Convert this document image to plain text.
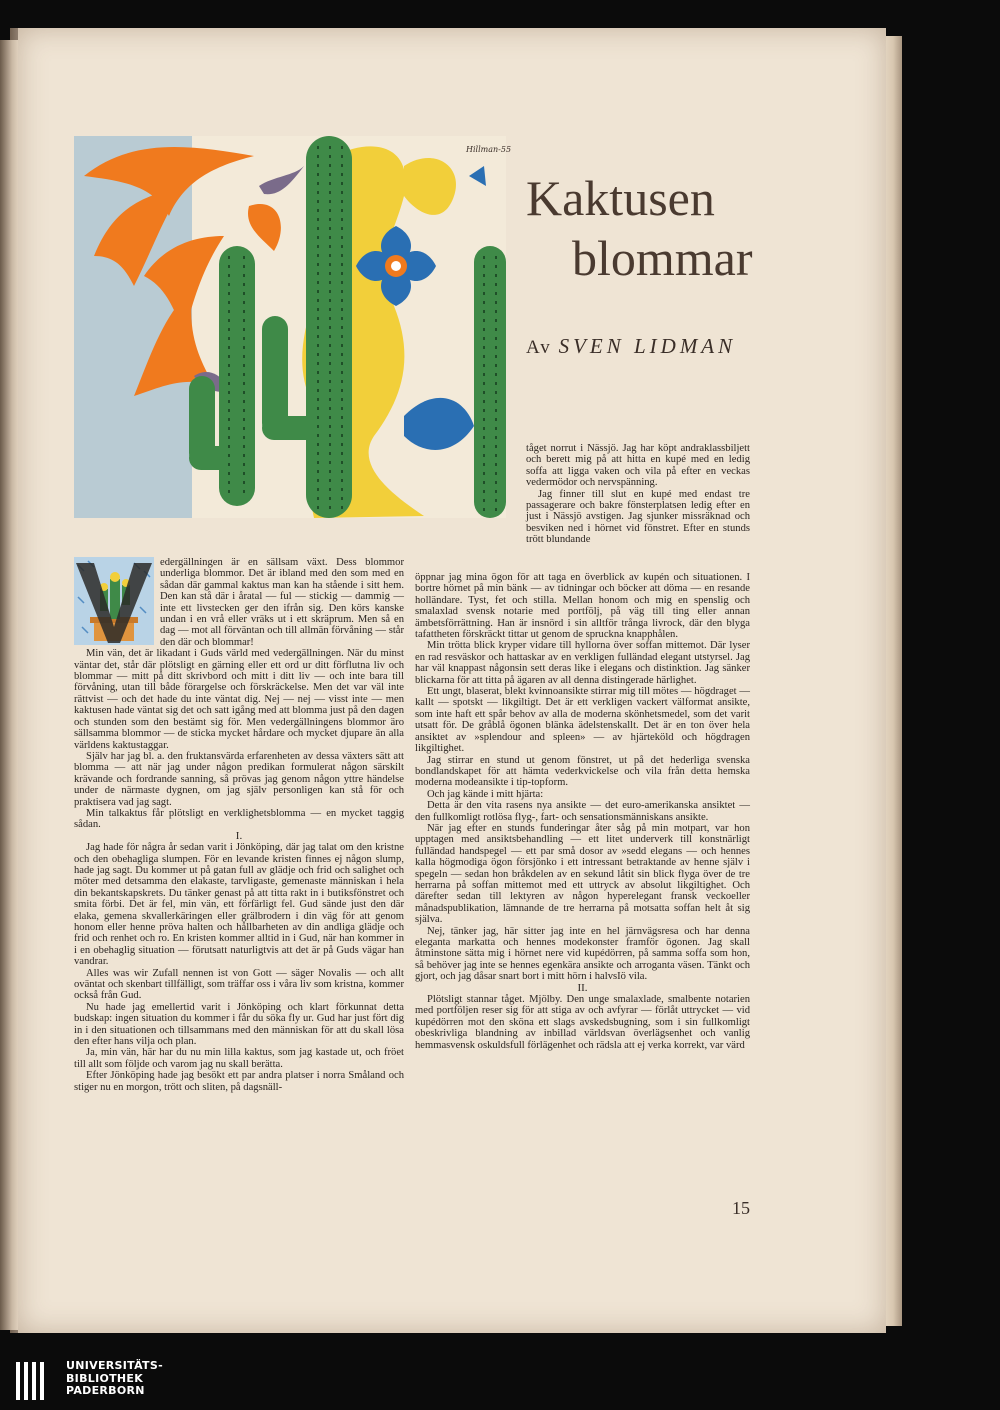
Hillman-55
Kaktusen
blommar
Av SVEN LIDMAN

tåget norrut i Nässjö. Jag har köpt andraklassbiljett och berett mig på att hitta en kupé med en ledig soffa att ligga vaken och vila på efter en veckas vedermödor och nervspänning.

Jag finner till slut en kupé med endast tre passagerare och bakre fönsterplatsen ledig efter en just i Nässjö avstigen. Jag sjunker missräknad och besviken ned i hörnet vid fönstret. Efter en stunds trött blundande

öppnar jag mina ögon för att taga en överblick av kupén och situationen. I bortre hörnet på min bänk — av tidningar och böcker att döma — en resande holländare. Tyst, fet och stilla. Mellan honom och mig en spenslig och smalaxlad svensk notarie med portfölj, på väg till ting eller annan ämbetsförrättning. Han är insnörd i sin alltför trånga livrock, där den blyga tafattheten förskräckt tittar ut genom de spruckna knapphålen.

Min trötta blick kryper vidare till hyllorna över soffan mittemot. Där lyser en rad resväskor och hattaskar av en verkligen fulländad elegant utstyrsel. Jag har väl knappast någonsin sett deras like i elegans och distinktion. Jag sänker blickarna för att titta på ägaren av all denna distingerade härlighet.

Ett ungt, blaserat, blekt kvinnoansikte stirrar mig till mötes — högdraget — kallt — spotskt — likgiltigt. Det är ett verkligen vackert välformat ansikte, som inte haft ett spår behov av alla de moderna skönhetsmedel, som det varit utsatt för. De gråblå ögonen blänka ädelstenskallt. Det är en ton över hela ansiktet av »splendour and spleen» — av hjärteköld och högdragen likgiltighet.

Jag stirrar en stund ut genom fönstret, ut på det hederliga svenska bondlandskapet för att hämta vederkvickelse och vila från detta hemska moderna modeansikte i tip-topform.

Och jag kände i mitt hjärta:

Detta är den vita rasens nya ansikte — det euro-amerikanska ansiktet — den fullkomligt rotlösa flyg-, fart- och sensationsmänniskans ansikte.

När jag efter en stunds funderingar åter såg på min motpart, var hon upptagen med ansiktsbehandling — ett litet underverk till konstnärligt fulländad handspegel — ett par små dosor av »sedd elegans — och hennes kalla högmodiga ögon försjönko i ett intressant betraktande av henne själv i spegeln — sedan hon bråkdelen av en sekund låtit sin blick flyga över de tre herrarna på soffan mittemot med ett uttryck av absolut likgiltighet. Och därefter sedan till lektyren av någon hyperelegant fransk veckoeller månadspublikation, lämnande de tre herrarna på motsatta soffan helt åt sig själva.

Nej, tänker jag, här sitter jag inte en hel järnvägsresa och har denna eleganta markatta och hennes modekonster framför ögonen. Jag skall åtminstone sätta mig i hörnet nere vid kupédörren, på samma soffa som hon, så behöver jag inte se hennes egenkära ansikte och arroganta väsen. Tänkt och gjort, och jag dåsar snart bort i mitt hörn i halvsIö vila.

II.

Plötsligt stannar tåget. Mjölby. Den unge smalaxlade, smalbente notarien med portföljen reser sig för att stiga av och avfyrar — förlåt uttrycket — vid kupédörren mot den sköna ett slags avskedsbugning, som i sin fullkomligt obeskrivliga blandning av inbillad världsvan överlägsenhet och vanlig hemmasvensk oskuldsfull förlägenhet och rädsla att ej verka korrekt, var värd

edergällningen är en sällsam växt. Dess blommor underliga blommor. Det är ibland med den som med en sådan där gammal kaktus man kan ha stående i sitt hem. Den kan stå där i åratal — ful — stickig — dammig — inte ett livstecken ger den ifrån sig. Den körs kanske undan i en vrå eller vräks ut i ett skräprum. Men så en dag — mot all förväntan och till allmän förvåning — står den där och blommar!

Min vän, det är likadant i Guds värld med vedergällningen. När du minst väntar det, står där plötsligt en gärning eller ett ord ur ditt förflutna liv och blommar — mitt på ditt skrivbord och mitt i ditt liv — och inte bara till förvåning, utan till både förargelse och förskräckelse. Men det var väl inte rättvist — och det hade du inte väntat dig. Nej — nej — visst inte — men kaktusen hade väntat sig det och satt igång med att blomma just på den dagen och stunden som den bestämt sig för. Men vedergällningens blommor äro sällsamma blommor — de sticka mycket hårdare och mycket djupare än alla världens kaktustaggar.

Själv har jag bl. a. den fruktansvärda erfarenheten av dessa växters sätt att blomma — att när jag under någon predikan formulerat någon särskilt krävande och fordrande sanning, så prövas jag genom någon yttre händelse under de närmaste dygnen, om jag själv personligen kan stå för och praktisera vad jag sagt.

Min talkaktus får plötsligt en verklighetsblomma — en mycket taggig sådan.

I.

Jag hade för några år sedan varit i Jönköping, där jag talat om den kristne och den obehagliga slumpen. För en levande kristen finnes ej någon slump, hade jag sagt. Du kommer ut på gatan full av glädje och frid och salighet och möter med detsamma den elakaste, tarvligaste, gemenaste människan i hela din bekantskapskrets. Du tänker genast på att titta rakt in i butiksfönstret och smita förbi. Det är fel, min vän, ett förfärligt fel. Gud sände just den där elaka, gemena skvallerkäringen eller grälbrodern i din väg för att genom honom eller henne pröva halten och hållbarheten av din andliga glädje och frid och renhet och ro. En kristen kommer alltid in i Gud, när han kommer in i en obehaglig situation — förutsatt naturligtvis att det är på Guds vägar han vandrar.

Alles was wir Zufall nennen ist von Gott — säger Novalis — och allt oväntat och skenbart tillfälligt, som träffar oss i våra liv som kristna, kommer också från Gud.

Nu hade jag emellertid varit i Jönköping och klart förkunnat detta budskap: ingen situation du kommer i får du söka fly ur. Gud har just fört dig in i den situationen och tillsammans med den människan för att du skall lösa den efter hans vilja och plan.

Ja, min vän, här har du nu min lilla kaktus, som jag kastade ut, och fröet till allt som följde och varom jag nu skall berätta.

Efter Jönköping hade jag besökt ett par andra platser i norra Småland och stiger nu en morgon, trött och sliten, på dagsnäll-

15
UNIVERSITÄTS-
BIBLIOTHEK
PADERBORN
